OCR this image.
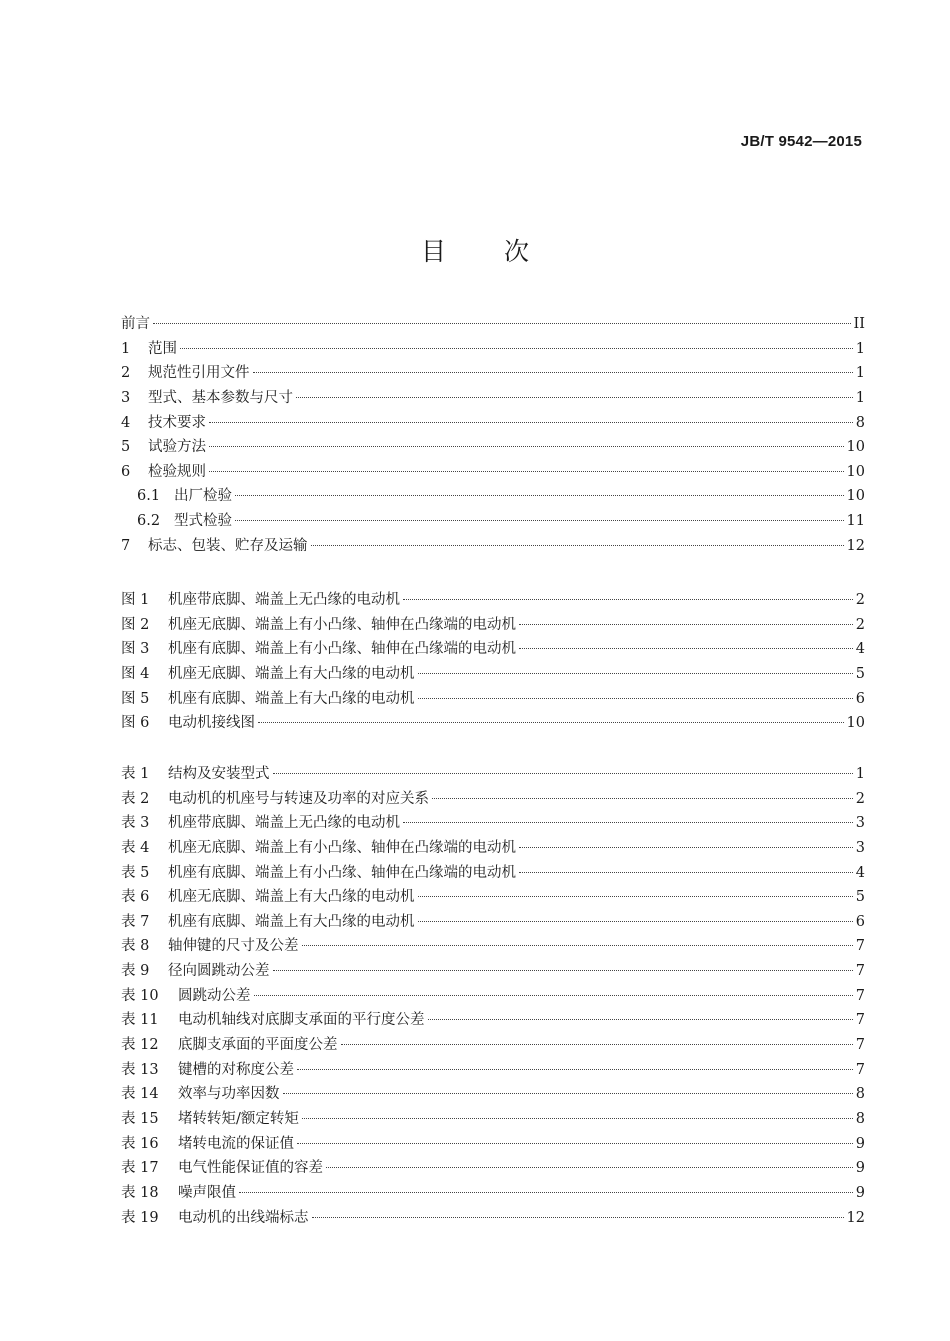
JB/T 9542—2015
目 次
前言	II
1	范围	1
2	规范性引用文件	1
3	型式、基本参数与尺寸	1
4	技术要求	8
5	试验方法	10
6	检验规则	10
6.1 出厂检验	10
6.2 型式检验	11
7	标志、包装、贮存及运输	12
图 1	机座带底脚、端盖上无凸缘的电动机	2
图 2	机座无底脚、端盖上有小凸缘、轴伸在凸缘端的电动机	2
图 3	机座有底脚、端盖上有小凸缘、轴伸在凸缘端的电动机	4
图 4	机座无底脚、端盖上有大凸缘的电动机	5
图 5	机座有底脚、端盖上有大凸缘的电动机	6
图 6	电动机接线图	10
表 1	结构及安装型式	1
表 2	电动机的机座号与转速及功率的对应关系	2
表 3	机座带底脚、端盖上无凸缘的电动机	3
表 4	机座无底脚、端盖上有小凸缘、轴伸在凸缘端的电动机	3
表 5	机座有底脚、端盖上有小凸缘、轴伸在凸缘端的电动机	4
表 6	机座无底脚、端盖上有大凸缘的电动机	5
表 7	机座有底脚、端盖上有大凸缘的电动机	6
表 8	轴伸键的尺寸及公差	7
表 9	径向圆跳动公差	7
表 10	圆跳动公差	7
表 11	电动机轴线对底脚支承面的平行度公差	7
表 12	底脚支承面的平面度公差	7
表 13	键槽的对称度公差	7
表 14	效率与功率因数	8
表 15	堵转转矩/额定转矩	8
表 16	堵转电流的保证值	9
表 17	电气性能保证值的容差	9
表 18	噪声限值	9
表 19	电动机的出线端标志	12
